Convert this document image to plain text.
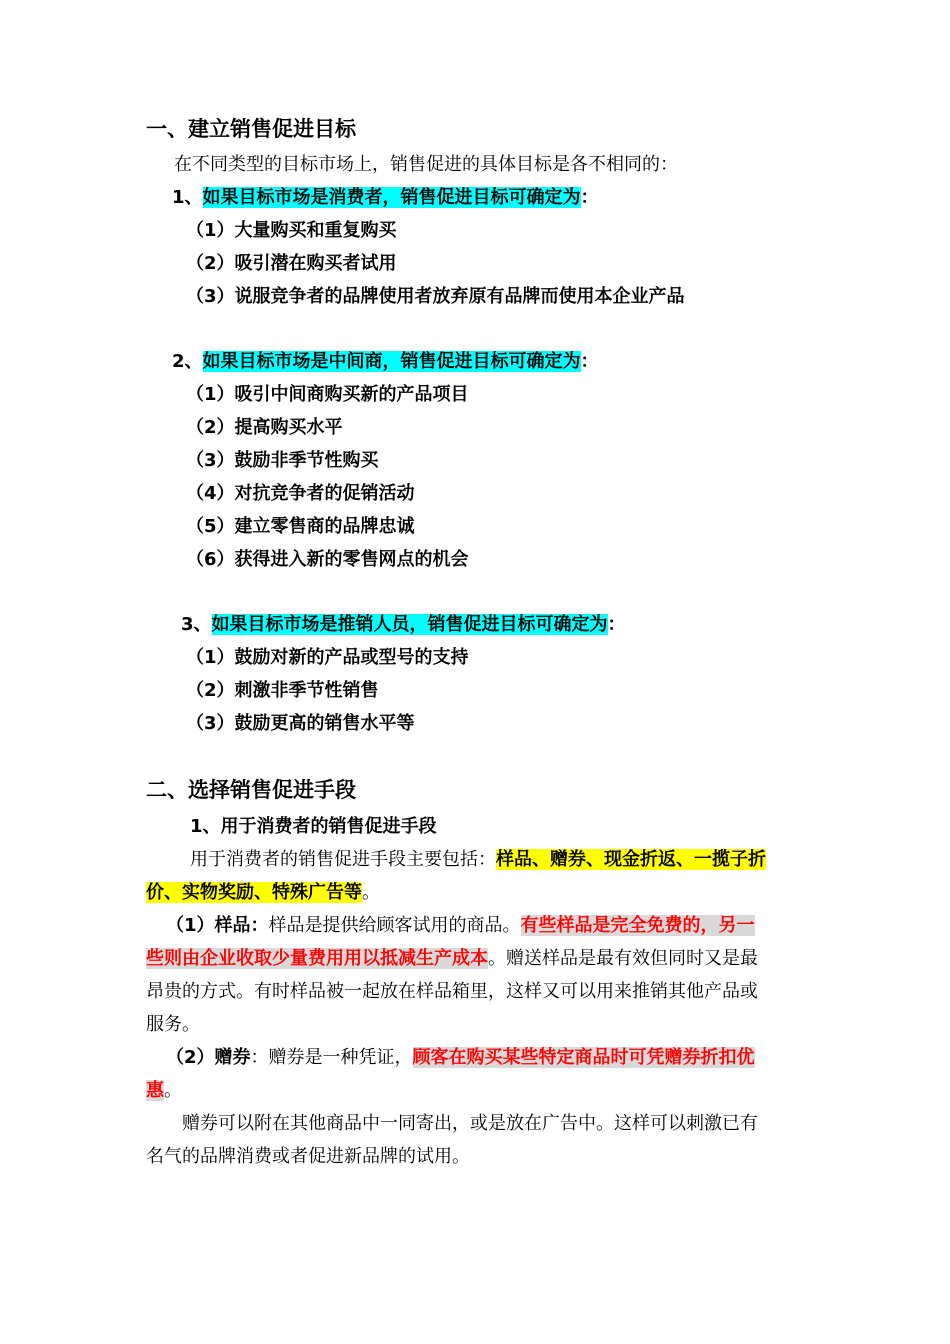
一、建立销售促进目标
在不同类型的目标市场上，销售促进的具体目标是各不相同的：
1、如果目标市场是消费者，销售促进目标可确定为：
（1）大量购买和重复购买
（2）吸引潜在购买者试用
（3）说服竞争者的品牌使用者放弃原有品牌而使用本企业产品
2、如果目标市场是中间商，销售促进目标可确定为：
（1）吸引中间商购买新的产品项目
（2）提高购买水平
（3）鼓励非季节性购买
（4）对抗竞争者的促销活动
（5）建立零售商的品牌忠诚
（6）获得进入新的零售网点的机会
3、如果目标市场是推销人员，销售促进目标可确定为：
（1）鼓励对新的产品或型号的支持
（2）刺激非季节性销售
（3）鼓励更高的销售水平等
二、选择销售促进手段
1、用于消费者的销售促进手段
用于消费者的销售促进手段主要包括：样品、赠券、现金折返、一揽子折
价、实物奖励、特殊广告等。
（1）样品：样品是提供给顾客试用的商品。有些样品是完全免费的，另一
些则由企业收取少量费用用以抵减生产成本。赠送样品是最有效但同时又是最
昂贵的方式。有时样品被一起放在样品箱里，这样又可以用来推销其他产品或
服务。
（2）赠券：赠券是一种凭证，顾客在购买某些特定商品时可凭赠券折扣优
惠。
赠券可以附在其他商品中一同寄出，或是放在广告中。这样可以刺激已有
名气的品牌消费或者促进新品牌的试用。
